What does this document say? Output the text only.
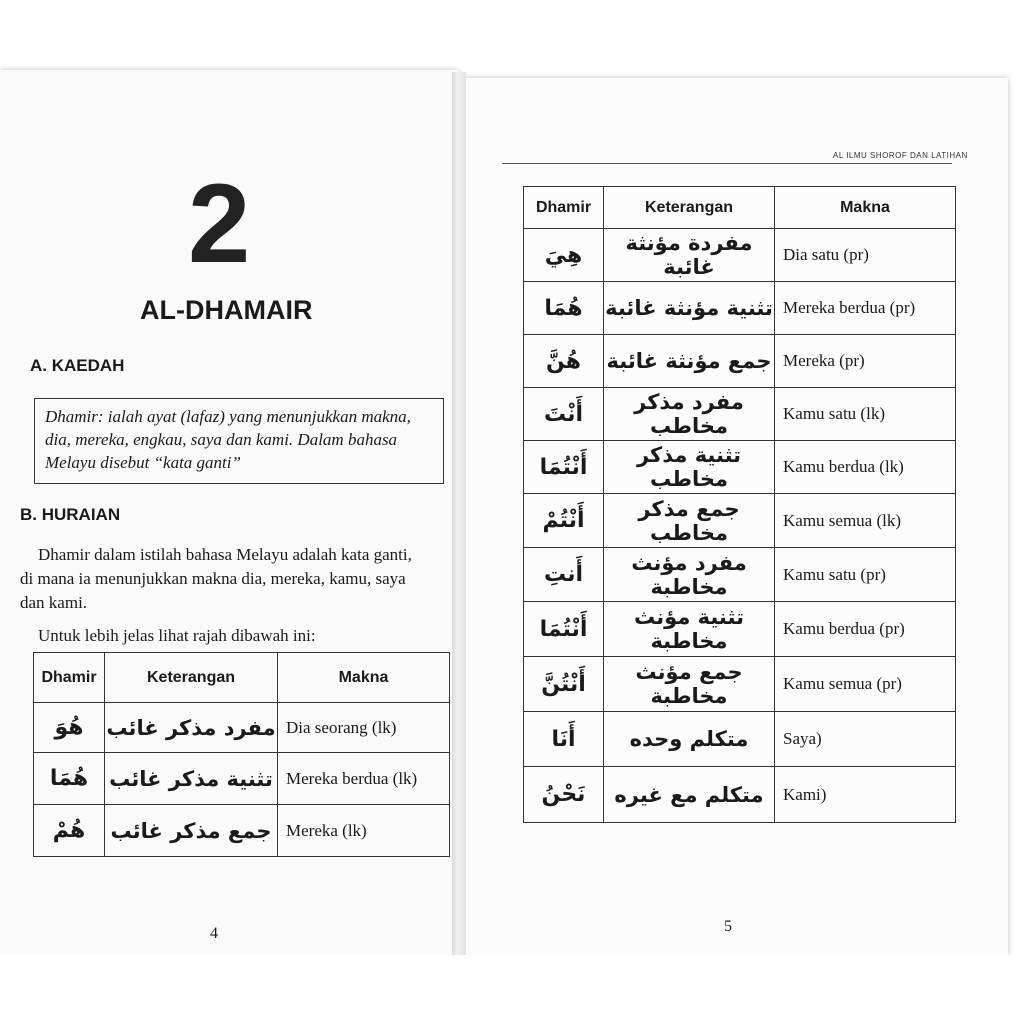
2
AL-DHAMAIR
A. KAEDAH
Dhamir: ialah ayat (lafaz) yang menunjukkan makna,
dia, mereka, engkau, saya dan kami. Dalam bahasa
Melayu disebut “kata ganti”
B. HURAIAN
Dhamir dalam istilah bahasa Melayu adalah kata ganti,
di mana ia menunjukkan makna dia, mereka, kamu, saya
dan kami.
Untuk lebih jelas lihat rajah dibawah ini:
Dhamir	Keterangan	Makna
هُوَ	مفرد مذكر غائب	Dia seorang (lk)
هُمَا	تثنية مذكر غائب	Mereka berdua (lk)
هُمْ	جمع مذكر غائب	Mereka (lk)
4
AL ILMU SHOROF DAN LATIHAN
Dhamir	Keterangan	Makna
هِيَ	مفردة مؤنثة غائبة	Dia satu (pr)
هُمَا	تثنية مؤنثة غائبة	Mereka berdua (pr)
هُنَّ	جمع مؤنثة غائبة	Mereka (pr)
أَنْتَ	مفرد مذكر مخاطب	Kamu satu (lk)
أَنْتُمَا	تثنية مذكر مخاطب	Kamu berdua (lk)
أَنْتُمْ	جمع مذكر مخاطب	Kamu semua (lk)
أَنتِ	مفرد مؤنث مخاطبة	Kamu satu (pr)
أَنْتُمَا	تثنية مؤنث مخاطبة	Kamu berdua (pr)
أَنْتُنَّ	جمع مؤنث مخاطبة	Kamu semua (pr)
أَنَا	متكلم وحده	Saya)
نَحْنُ	متكلم مع غيره	Kami)
5
